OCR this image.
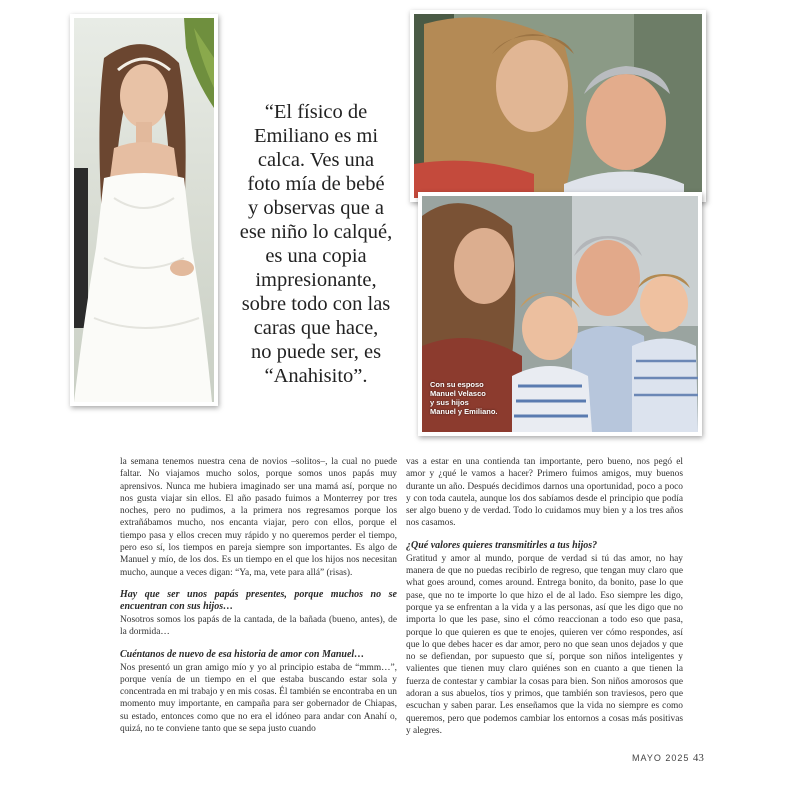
Con su esposo
Manuel Velasco
y sus hijos
Manuel y Emiliano.
“El físico de
Emiliano es mi
calca. Ves una
foto mía de bebé
y observas que a
ese niño lo calqué,
es una copia
impresionante,
sobre todo con las
caras que hace,
no puede ser, es
“Anahisito”.

la semana tenemos nuestra cena de novios –solitos–, la cual no puede faltar. No viajamos mucho solos, porque somos unos papás muy aprensivos. Nunca me hubiera imaginado ser una mamá así, porque no nos gusta viajar sin ellos. El año pasado fuimos a Monterrey por tres noches, pero no pudimos, a la primera nos regresamos porque los extrañábamos mucho, nos encanta viajar, pero con ellos, porque el tiempo pasa y ellos crecen muy rápido y no queremos perder el tiempo, pero eso sí, los tiempos en pareja siempre son importantes. Es algo de Manuel y mío, de los dos. Es un tiempo en el que los hijos nos necesitan mucho, aunque a veces digan: “Ya, ma, vete para allá” (risas).

Hay que ser unos papás presentes, porque muchos no se encuentran con sus hijos…

Nosotros somos los papás de la cantada, de la bañada (bueno, antes), de la dormida…

Cuéntanos de nuevo de esa historia de amor con Manuel…

Nos presentó un gran amigo mío y yo al principio estaba de “mmm…”, porque venía de un tiempo en el que estaba buscando estar sola y concentrada en mi trabajo y en mis cosas. Él también se encontraba en un momento muy importante, en campaña para ser gobernador de Chiapas, su estado, entonces como que no era el idóneo para andar con Anahí o, quizá, no te conviene tanto que se sepa justo cuando

vas a estar en una contienda tan importante, pero bueno, nos pegó el amor y ¿qué le vamos a hacer? Primero fuimos amigos, muy buenos durante un año. Después decidimos darnos una oportunidad, poco a poco y con toda cautela, aunque los dos sabíamos desde el principio que podía ser algo bueno y de verdad. Todo lo cuidamos muy bien y a los tres años nos casamos.

¿Qué valores quieres transmitirles a tus hijos?

Gratitud y amor al mundo, porque de verdad si tú das amor, no hay manera de que no puedas recibirlo de regreso, que tengan muy claro que what goes around, comes around. Entrega bonito, da bonito, pase lo que pase, que no te importe lo que hizo el de al lado. Eso siempre les digo, porque ya se enfrentan a la vida y a las personas, así que les digo que no importa lo que les pase, sino el cómo reaccionan a todo eso que pasa, porque lo que quieren es que te enojes, quieren ver cómo respondes, así que lo que debes hacer es dar amor, pero no que sean unos dejados y que no se defiendan, por supuesto que sí, porque son niños inteligentes y valientes que tienen muy claro quiénes son en cuanto a que tienen la fuerza de contestar y cambiar la cosas para bien. Son niños amorosos que adoran a sus abuelos, tíos y primos, que también son traviesos, pero que escuchan y saben parar. Les enseñamos que la vida no siempre es como queremos, pero que podemos cambiar los entornos a cosas más positivas y alegres.

MAYO 2025 43
